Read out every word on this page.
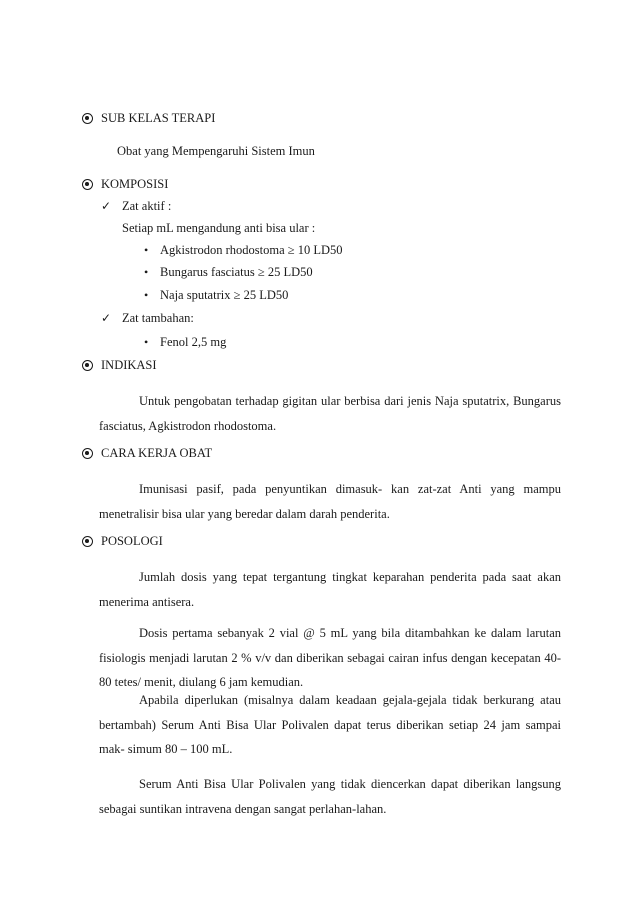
SUB KELAS TERAPI
Obat yang Mempengaruhi Sistem Imun
KOMPOSISI
✓ Zat aktif :
Setiap mL mengandung anti bisa ular :
• Agkistrodon rhodostoma ≥ 10 LD50
• Bungarus fasciatus ≥ 25 LD50
• Naja sputatrix ≥ 25 LD50
✓ Zat tambahan:
• Fenol 2,5 mg
INDIKASI
Untuk pengobatan terhadap gigitan ular berbisa dari jenis Naja sputatrix, Bungarus fasciatus, Agkistrodon rhodostoma.
CARA KERJA OBAT
Imunisasi pasif, pada penyuntikan dimasuk- kan zat-zat Anti yang mampu menetralisir bisa ular yang beredar dalam darah penderita.
POSOLOGI
Jumlah dosis yang tepat tergantung tingkat keparahan penderita pada saat akan menerima antisera.
Dosis pertama sebanyak 2 vial @ 5 mL yang bila ditambahkan ke dalam larutan fisiologis menjadi larutan 2 % v/v dan diberikan sebagai cairan infus dengan kecepatan 40-80 tetes/ menit, diulang 6 jam kemudian.
Apabila diperlukan (misalnya dalam keadaan gejala-gejala tidak berkurang atau bertambah) Serum Anti Bisa Ular Polivalen dapat terus diberikan setiap 24 jam sampai mak- simum 80 – 100 mL.
Serum Anti Bisa Ular Polivalen yang tidak diencerkan dapat diberikan langsung sebagai suntikan intravena dengan sangat perlahan-lahan.
